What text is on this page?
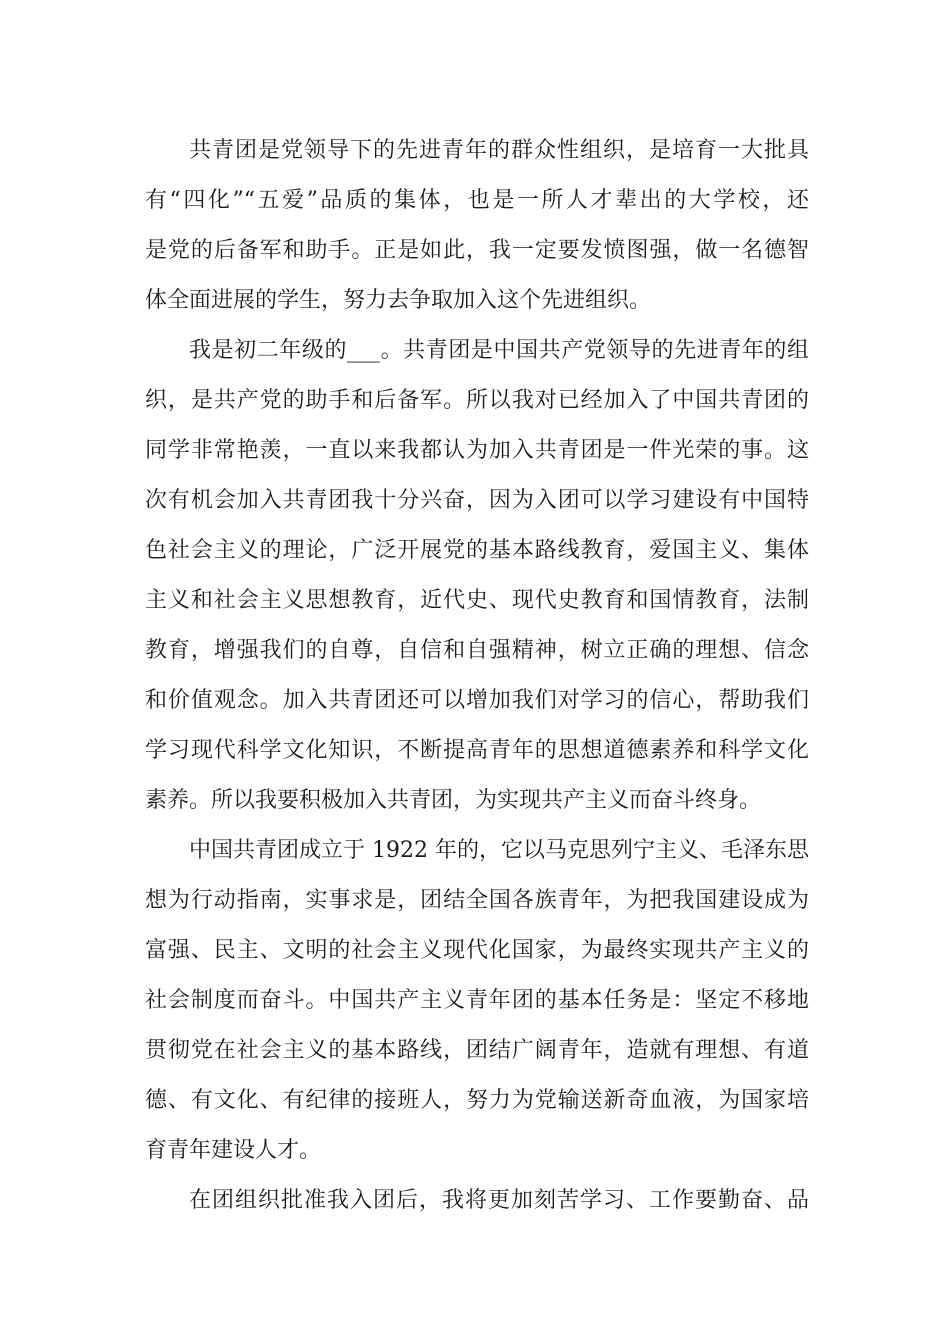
共青团是党领导下的先进青年的群众性组织，是培育一大批具
有“四化”“五爱”品质的集体，也是一所人才辈出的大学校，还
是党的后备军和助手。正是如此，我一定要发愤图强，做一名德智
体全面进展的学生，努力去争取加入这个先进组织。
我是初二年级的___。共青团是中国共产党领导的先进青年的组
织，是共产党的助手和后备军。所以我对已经加入了中国共青团的
同学非常艳羡，一直以来我都认为加入共青团是一件光荣的事。这
次有机会加入共青团我十分兴奋，因为入团可以学习建设有中国特
色社会主义的理论，广泛开展党的基本路线教育，爱国主义、集体
主义和社会主义思想教育，近代史、现代史教育和国情教育，法制
教育，增强我们的自尊，自信和自强精神，树立正确的理想、信念
和价值观念。加入共青团还可以增加我们对学习的信心，帮助我们
学习现代科学文化知识，不断提高青年的思想道德素养和科学文化
素养。所以我要积极加入共青团，为实现共产主义而奋斗终身。
中国共青团成立于 1922 年的，它以马克思列宁主义、毛泽东思
想为行动指南，实事求是，团结全国各族青年，为把我国建设成为
富强、民主、文明的社会主义现代化国家，为最终实现共产主义的
社会制度而奋斗。中国共产主义青年团的基本任务是：坚定不移地
贯彻党在社会主义的基本路线，团结广阔青年，造就有理想、有道
德、有文化、有纪律的接班人，努力为党输送新奇血液，为国家培
育青年建设人才。
在团组织批准我入团后，我将更加刻苦学习、工作要勤奋、品
